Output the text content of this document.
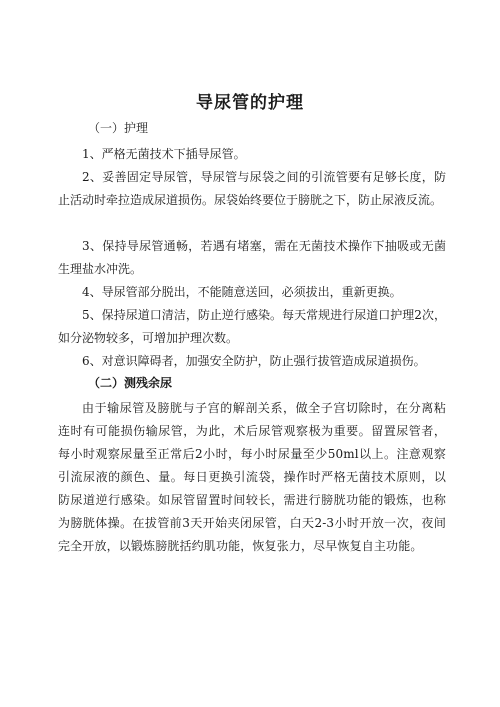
导尿管的护理

（一）护理

1、严格无菌技术下插导尿管。

2、妥善固定导尿管，导尿管与尿袋之间的引流管要有足够长度，防止活动时牵拉造成尿道损伤。尿袋始终要位于膀胱之下，防止尿液反流。

3、保持导尿管通畅，若遇有堵塞，需在无菌技术操作下抽吸或无菌生理盐水冲洗。

4、导尿管部分脱出，不能随意送回，必须拔出，重新更换。

5、保持尿道口清洁，防止逆行感染。每天常规进行尿道口护理2次，如分泌物较多，可增加护理次数。

6、对意识障碍者，加强安全防护，防止强行拔管造成尿道损伤。

（二）测残余尿

由于输尿管及膀胱与子宫的解剖关系，做全子宫切除时，在分离粘连时有可能损伤输尿管，为此，术后尿管观察极为重要。留置尿管者，每小时观察尿量至正常后2小时，每小时尿量至少50ml以上。注意观察引流尿液的颜色、量。每日更换引流袋，操作时严格无菌技术原则，以防尿道逆行感染。如尿管留置时间较长，需进行膀胱功能的锻炼，也称为膀胱体操。在拔管前3天开始夹闭尿管，白天2-3小时开放一次，夜间完全开放，以锻炼膀胱括约肌功能，恢复张力，尽早恢复自主功能。
